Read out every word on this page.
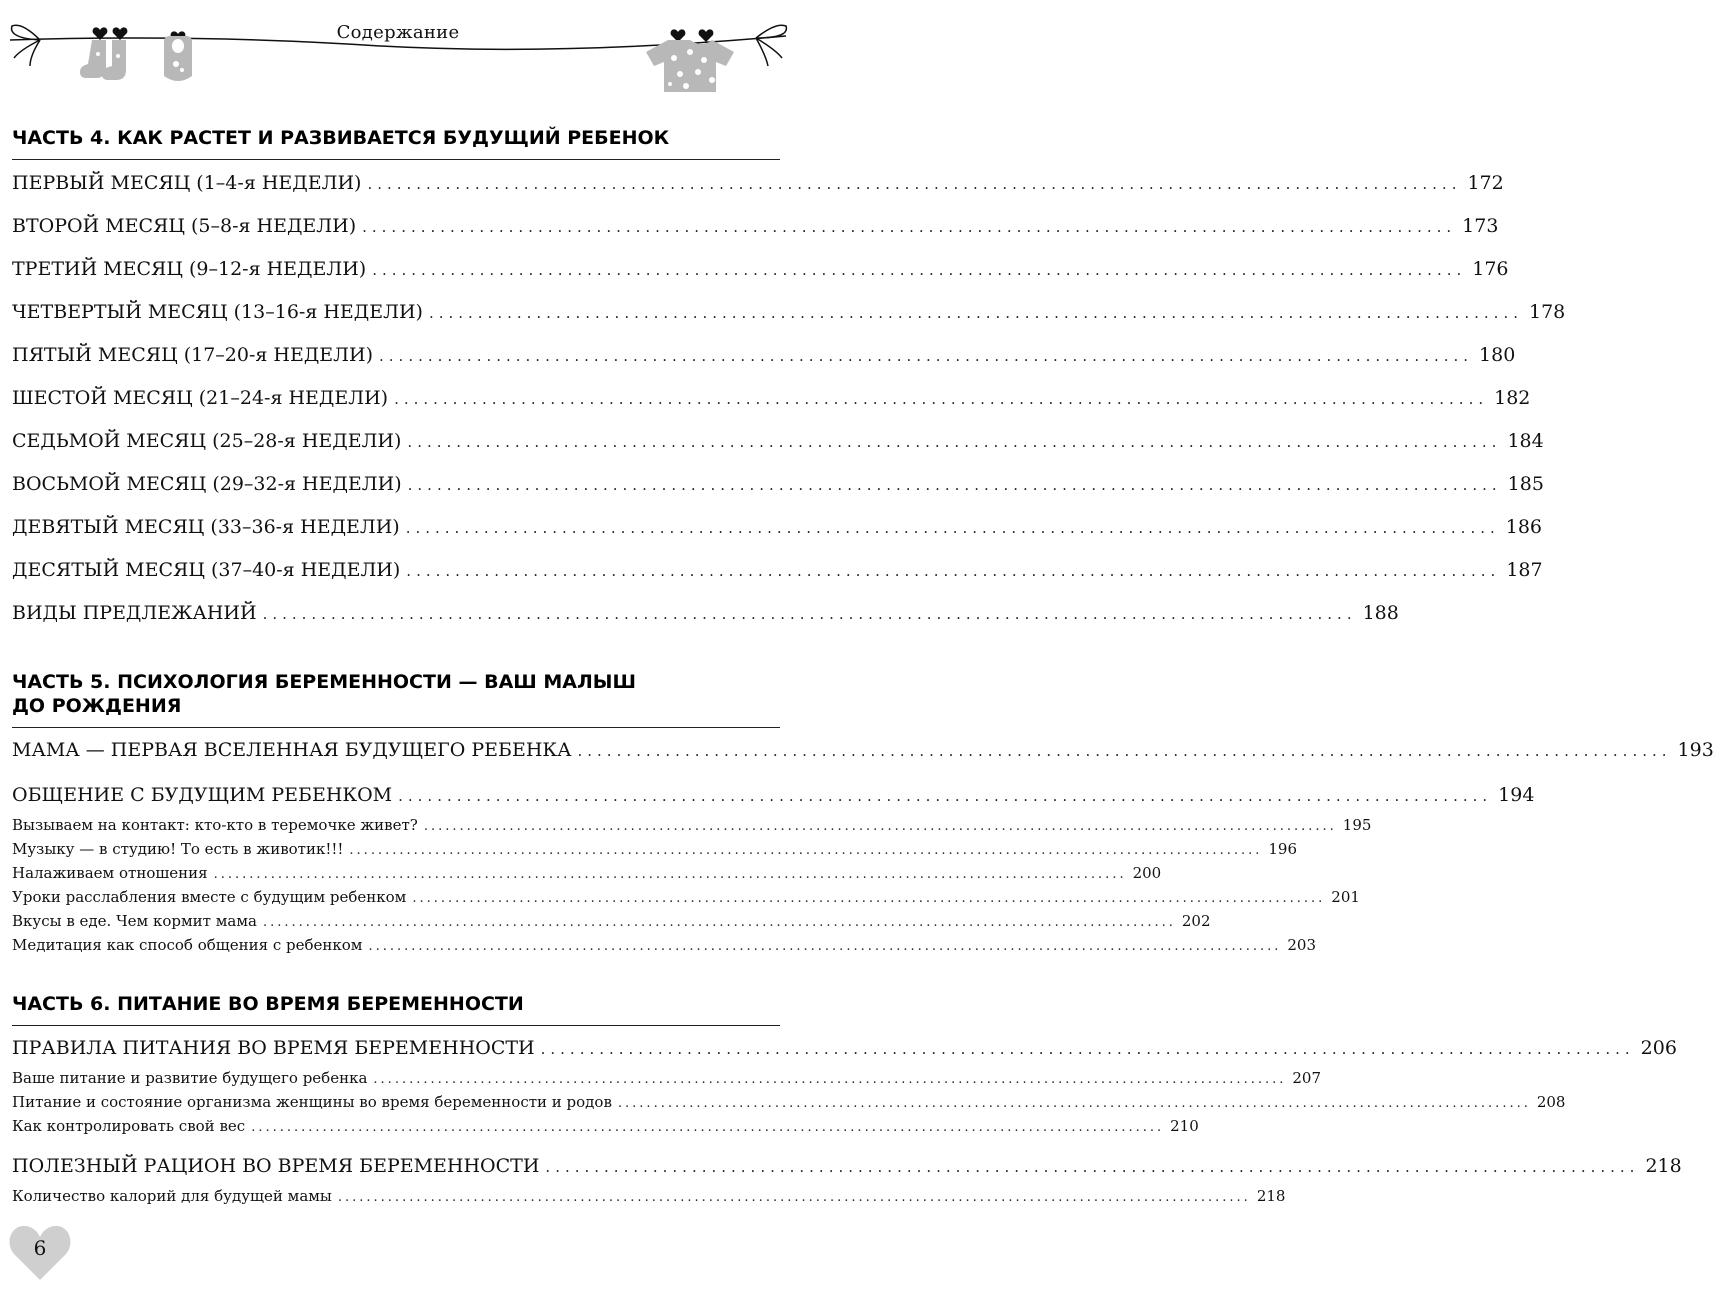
Содержание
ЧАСТЬ 4. КАК РАСТЕТ И РАЗВИВАЕТСЯ БУДУЩИЙ РЕБЕНОК
ПЕРВЫЙ МЕСЯЦ (1–4-я НЕДЕЛИ) ................................................................................................................ 172
ВТОРОЙ МЕСЯЦ (5–8-я НЕДЕЛИ) ................................................................................................................ 173
ТРЕТИЙ МЕСЯЦ (9–12-я НЕДЕЛИ) ................................................................................................................ 176
ЧЕТВЕРТЫЙ МЕСЯЦ (13–16-я НЕДЕЛИ) ................................................................................................................ 178
ПЯТЫЙ МЕСЯЦ (17–20-я НЕДЕЛИ) ................................................................................................................ 180
ШЕСТОЙ МЕСЯЦ (21–24-я НЕДЕЛИ) ................................................................................................................ 182
СЕДЬМОЙ МЕСЯЦ (25–28-я НЕДЕЛИ) ................................................................................................................ 184
ВОСЬМОЙ МЕСЯЦ (29–32-я НЕДЕЛИ) ................................................................................................................ 185
ДЕВЯТЫЙ МЕСЯЦ (33–36-я НЕДЕЛИ) ................................................................................................................ 186
ДЕСЯТЫЙ МЕСЯЦ (37–40-я НЕДЕЛИ) ................................................................................................................ 187
ВИДЫ ПРЕДЛЕЖАНИЙ ................................................................................................................ 188
ЧАСТЬ 5. ПСИХОЛОГИЯ БЕРЕМЕННОСТИ — ВАШ МАЛЫШ
ДО РОЖДЕНИЯ
МАМА — ПЕРВАЯ ВСЕЛЕННАЯ БУДУЩЕГО РЕБЕНКА ................................................................................................................ 193
ОБЩЕНИЕ С БУДУЩИМ РЕБЕНКОМ ................................................................................................................ 194
Вызываем на контакт: кто-кто в теремочке живет? ................................................................................................................................ 195
Музыку — в студию! То есть в животик!!! ................................................................................................................................ 196
Налаживаем отношения ................................................................................................................................ 200
Уроки расслабления вместе с будущим ребенком ................................................................................................................................ 201
Вкусы в еде. Чем кормит мама ................................................................................................................................ 202
Медитация как способ общения с ребенком ................................................................................................................................ 203
ЧАСТЬ 6. ПИТАНИЕ ВО ВРЕМЯ БЕРЕМЕННОСТИ
ПРАВИЛА ПИТАНИЯ ВО ВРЕМЯ БЕРЕМЕННОСТИ ................................................................................................................ 206
Ваше питание и развитие будущего ребенка ................................................................................................................................ 207
Питание и состояние организма женщины во время беременности и родов ................................................................................................................................ 208
Как контролировать свой вес ................................................................................................................................ 210
ПОЛЕЗНЫЙ РАЦИОН ВО ВРЕМЯ БЕРЕМЕННОСТИ ................................................................................................................ 218
Количество калорий для будущей мамы ................................................................................................................................ 218
6
